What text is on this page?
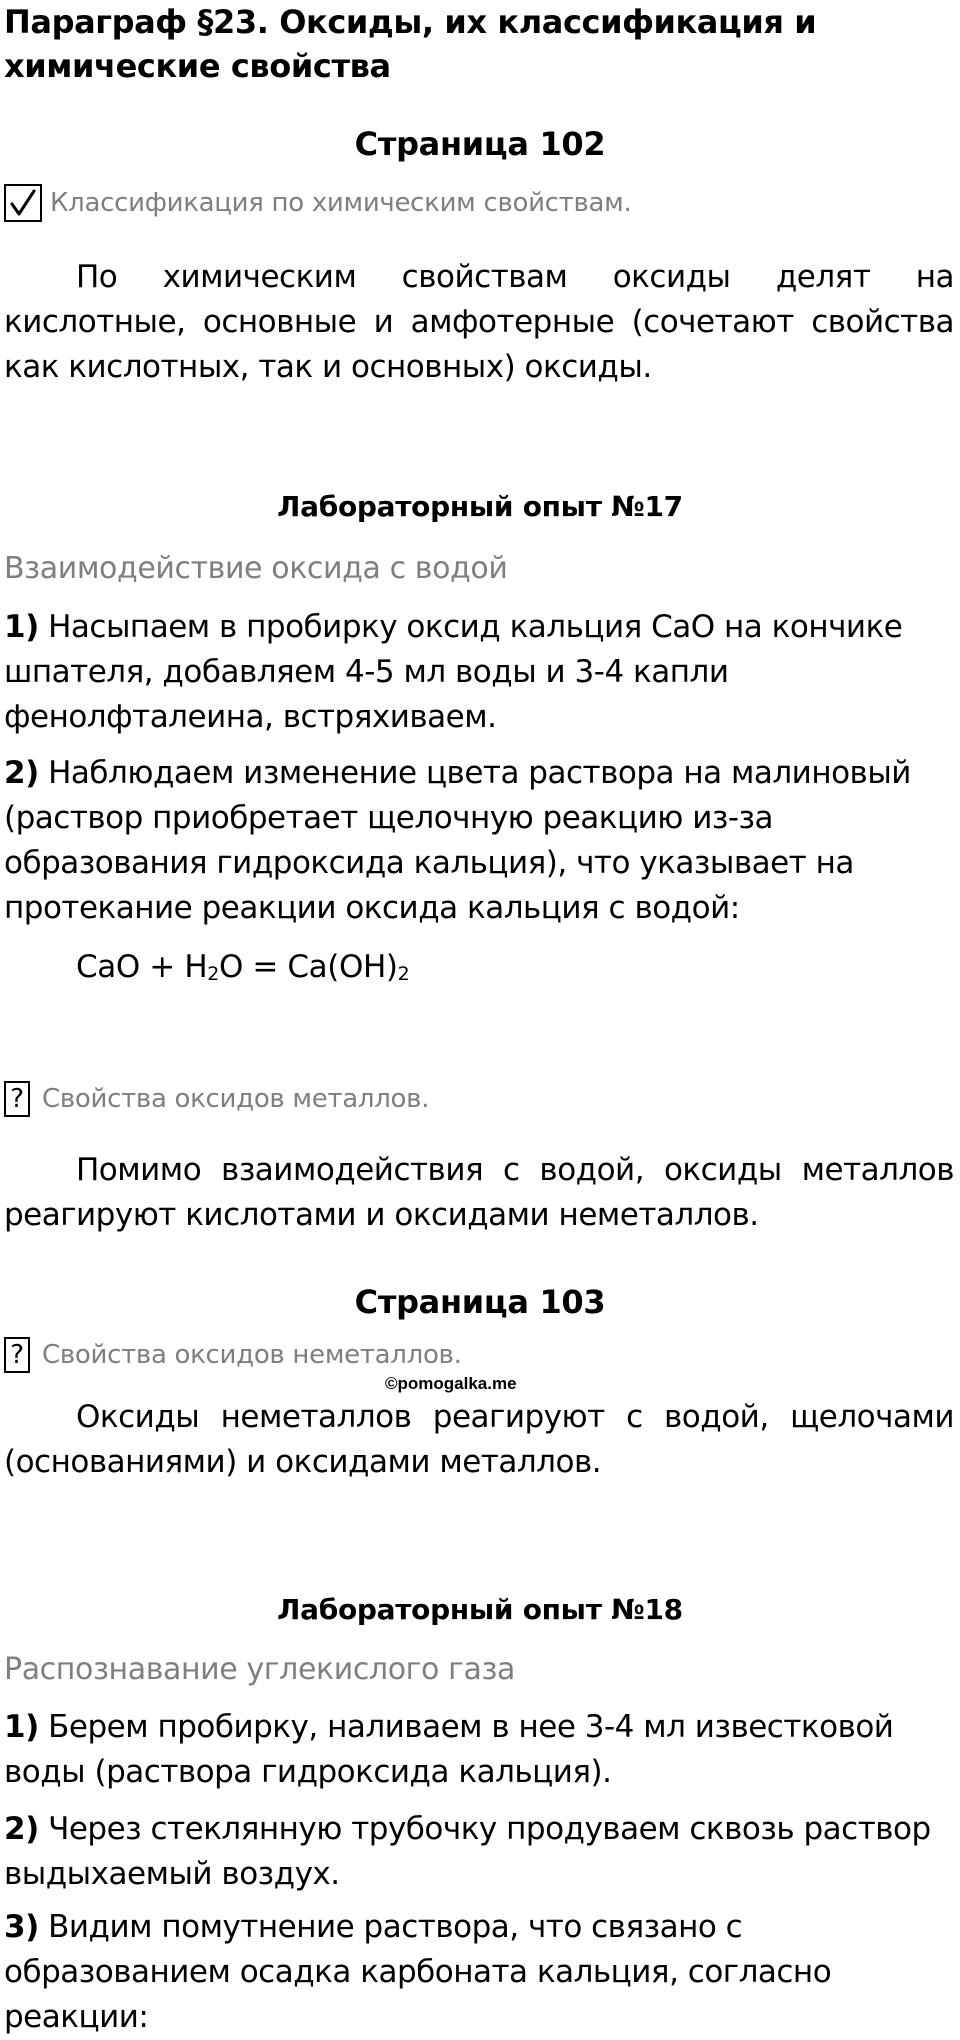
Параграф §23. Оксиды, их классификация и химические свойства
Страница 102
Классификация по химическим свойствам.

По химическим свойствам оксиды делят на кислотные, основные и амфотерные (сочетают свойства как кислотных, так и основных) оксиды.

Лабораторный опыт №17
Взаимодействие оксида с водой

1) Насыпаем в пробирку оксид кальция CaO на кончике шпателя, добавляем 4-5 мл воды и 3-4 капли фенолфталеина, встряхиваем.

2) Наблюдаем изменение цвета раствора на малиновый (раствор приобретает щелочную реакцию из-за образования гидроксида кальция), что указывает на протекание реакции оксида кальция с водой:

CaO + $H_2O = Ca(OH)_2$
? Свойства оксидов металлов.

Помимо взаимодействия с водой, оксиды металлов реагируют кислотами и оксидами неметаллов.

Страница 103
? Свойства оксидов неметаллов.
©pomogalka.me

Оксиды неметаллов реагируют с водой, щелочами (основаниями) и оксидами металлов.

Лабораторный опыт №18
Распознавание углекислого газа

1) Берем пробирку, наливаем в нее 3-4 мл известковой воды (раствора гидроксида кальция).

2) Через стеклянную трубочку продуваем сквозь раствор выдыхаемый воздух.

3) Видим помутнение раствора, что связано с образованием осадка карбоната кальция, согласно реакции:
